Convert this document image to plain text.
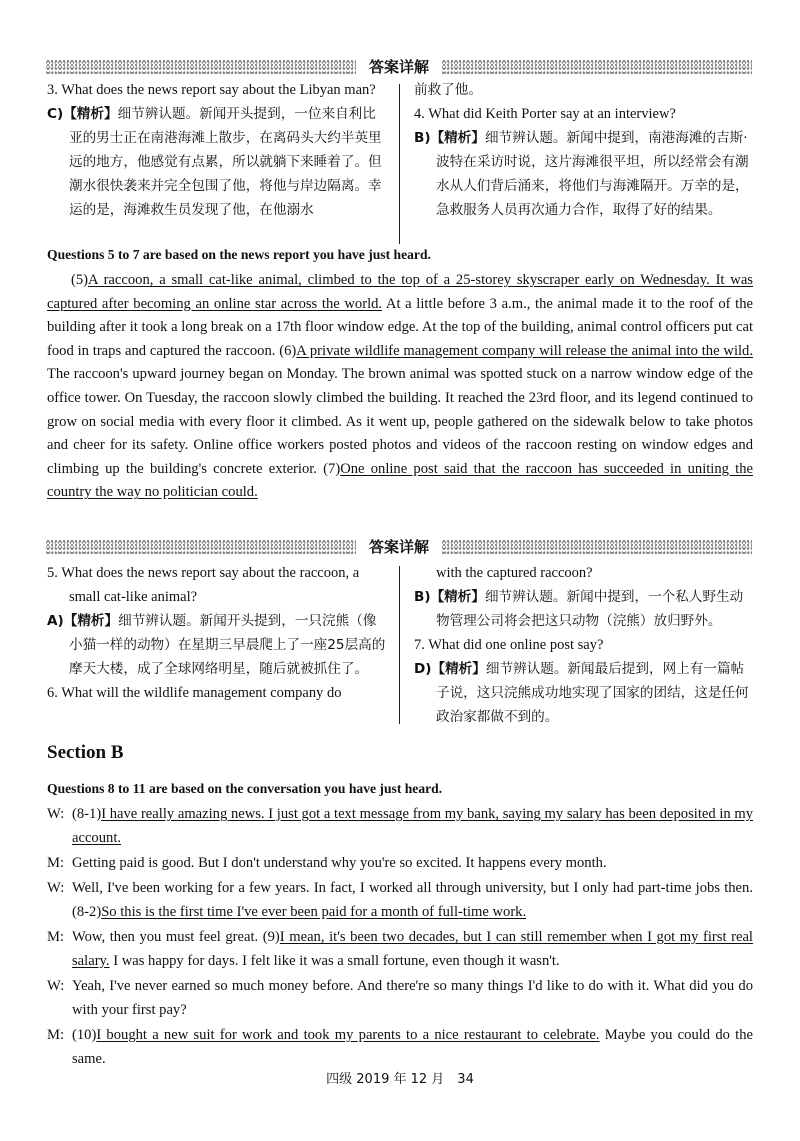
答案详解

3. What does the news report say about the Libyan man?

C)【精析】细节辨认题。新闻开头提到，一位来自利比亚的男士正在南港海滩上散步，在离码头大约半英里远的地方，他感觉有点累，所以就躺下来睡着了。但潮水很快袭来并完全包围了他，将他与岸边隔离。幸运的是，海滩救生员发现了他，在他溺水

前救了他。

4. What did Keith Porter say at an interview?

B)【精析】细节辨认题。新闻中提到，南港海滩的吉斯·波特在采访时说，这片海滩很平坦，所以经常会有潮水从人们背后涌来，将他们与海滩隔开。万幸的是，急救服务人员再次通力合作，取得了好的结果。

Questions 5 to 7 are based on the news report you have just heard.
(5)A raccoon, a small cat-like animal, climbed to the top of a 25-storey skyscraper early on Wednesday. It was captured after becoming an online star across the world. At a little before 3 a.m., the animal made it to the roof of the building after it took a long break on a 17th floor window edge. At the top of the building, animal control officers put cat food in traps and captured the raccoon. (6)A private wildlife management company will release the animal into the wild. The raccoon's upward journey began on Monday. The brown animal was spotted stuck on a narrow window edge of the office tower. On Tuesday, the raccoon slowly climbed the building. It reached the 23rd floor, and its legend continued to grow on social media with every floor it climbed. As it went up, people gathered on the sidewalk below to take photos and cheer for its safety. Online office workers posted photos and videos of the raccoon resting on window edges and climbing up the building's concrete exterior. (7)One online post said that the raccoon has succeeded in uniting the country the way no politician could.
答案详解

5. What does the news report say about the raccoon, a small cat-like animal?

A)【精析】细节辨认题。新闻开头提到，一只浣熊（像小猫一样的动物）在星期三早晨爬上了一座25层高的摩天大楼，成了全球网络明星，随后就被抓住了。

6. What will the wildlife management company do

with the captured raccoon?

B)【精析】细节辨认题。新闻中提到，一个私人野生动物管理公司将会把这只动物（浣熊）放归野外。

7. What did one online post say?

D)【精析】细节辨认题。新闻最后提到，网上有一篇帖子说，这只浣熊成功地实现了国家的团结，这是任何政治家都做不到的。

Section B
Questions 8 to 11 are based on the conversation you have just heard.

W: (8-1)I have really amazing news. I just got a text message from my bank, saying my salary has been deposited in my account.

M: Getting paid is good. But I don't understand why you're so excited. It happens every month.

W: Well, I've been working for a few years. In fact, I worked all through university, but I only had part-time jobs then. (8-2)So this is the first time I've ever been paid for a month of full-time work.

M: Wow, then you must feel great. (9)I mean, it's been two decades, but I can still remember when I got my first real salary. I was happy for days. I felt like it was a small fortune, even though it wasn't.

W: Yeah, I've never earned so much money before. And there're so many things I'd like to do with it. What did you do with your first pay?

M: (10)I bought a new suit for work and took my parents to a nice restaurant to celebrate. Maybe you could do the same.

四级 2019 年 12 月　34
